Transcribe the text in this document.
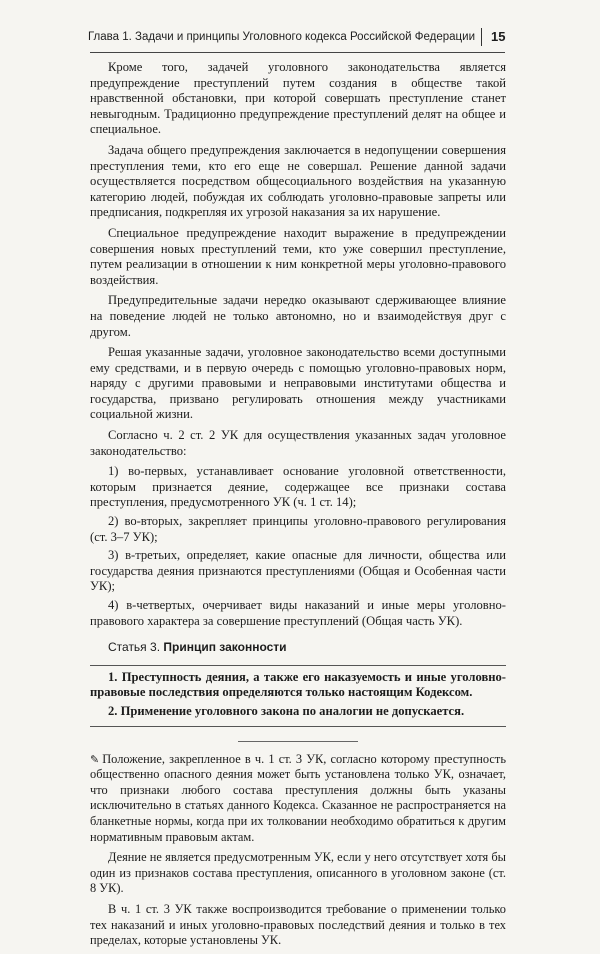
Глава 1. Задачи и принципы Уголовного кодекса Российской Федерации 15

Кроме того, задачей уголовного законодательства является предупреждение преступлений путем создания в обществе такой нравственной обстановки, при которой совершать преступление станет невыгодным. Традиционно предупреждение преступлений делят на общее и специальное.

Задача общего предупреждения заключается в недопущении совершения преступления теми, кто его еще не совершал. Решение данной задачи осуществляется посредством общесоциального воздействия на указанную категорию людей, побуждая их соблюдать уголовно-правовые запреты или предписания, подкрепляя их угрозой наказания за их нарушение.

Специальное предупреждение находит выражение в предупреждении совершения новых преступлений теми, кто уже совершил преступление, путем реализации в отношении к ним конкретной меры уголовно-правового воздействия.

Предупредительные задачи нередко оказывают сдерживающее влияние на поведение людей не только автономно, но и взаимодействуя друг с другом.

Решая указанные задачи, уголовное законодательство всеми доступными ему средствами, и в первую очередь с помощью уголовно-правовых норм, наряду с другими правовыми и неправовыми институтами общества и государства, призвано регулировать отношения между участниками социальной жизни.

Согласно ч. 2 ст. 2 УК для осуществления указанных задач уголовное законодательство:

1) во-первых, устанавливает основание уголовной ответственности, которым признается деяние, содержащее все признаки состава преступления, предусмотренного УК (ч. 1 ст. 14);

2) во-вторых, закрепляет принципы уголовно-правового регулирования (ст. 3–7 УК);

3) в-третьих, определяет, какие опасные для личности, общества или государства деяния признаются преступлениями (Общая и Особенная части УК);

4) в-четвертых, очерчивает виды наказаний и иные меры уголовно-правового характера за совершение преступлений (Общая часть УК).

Статья 3. Принцип законности

1. Преступность деяния, а также его наказуемость и иные уголовно-правовые последствия определяются только настоящим Кодексом.

2. Применение уголовного закона по аналогии не допускается.

✎ Положение, закрепленное в ч. 1 ст. 3 УК, согласно которому преступность общественно опасного деяния может быть установлена только УК, означает, что признаки любого состава преступления должны быть указаны исключительно в статьях данного Кодекса. Сказанное не распространяется на бланкетные нормы, когда при их толковании необходимо обратиться к другим нормативным правовым актам.

Деяние не является предусмотренным УК, если у него отсутствует хотя бы один из признаков состава преступления, описанного в уголовном законе (ст. 8 УК).

В ч. 1 ст. 3 УК также воспроизводится требование о применении только тех наказаний и иных уголовно-правовых последствий деяния и только в тех пределах, которые установлены УК.
